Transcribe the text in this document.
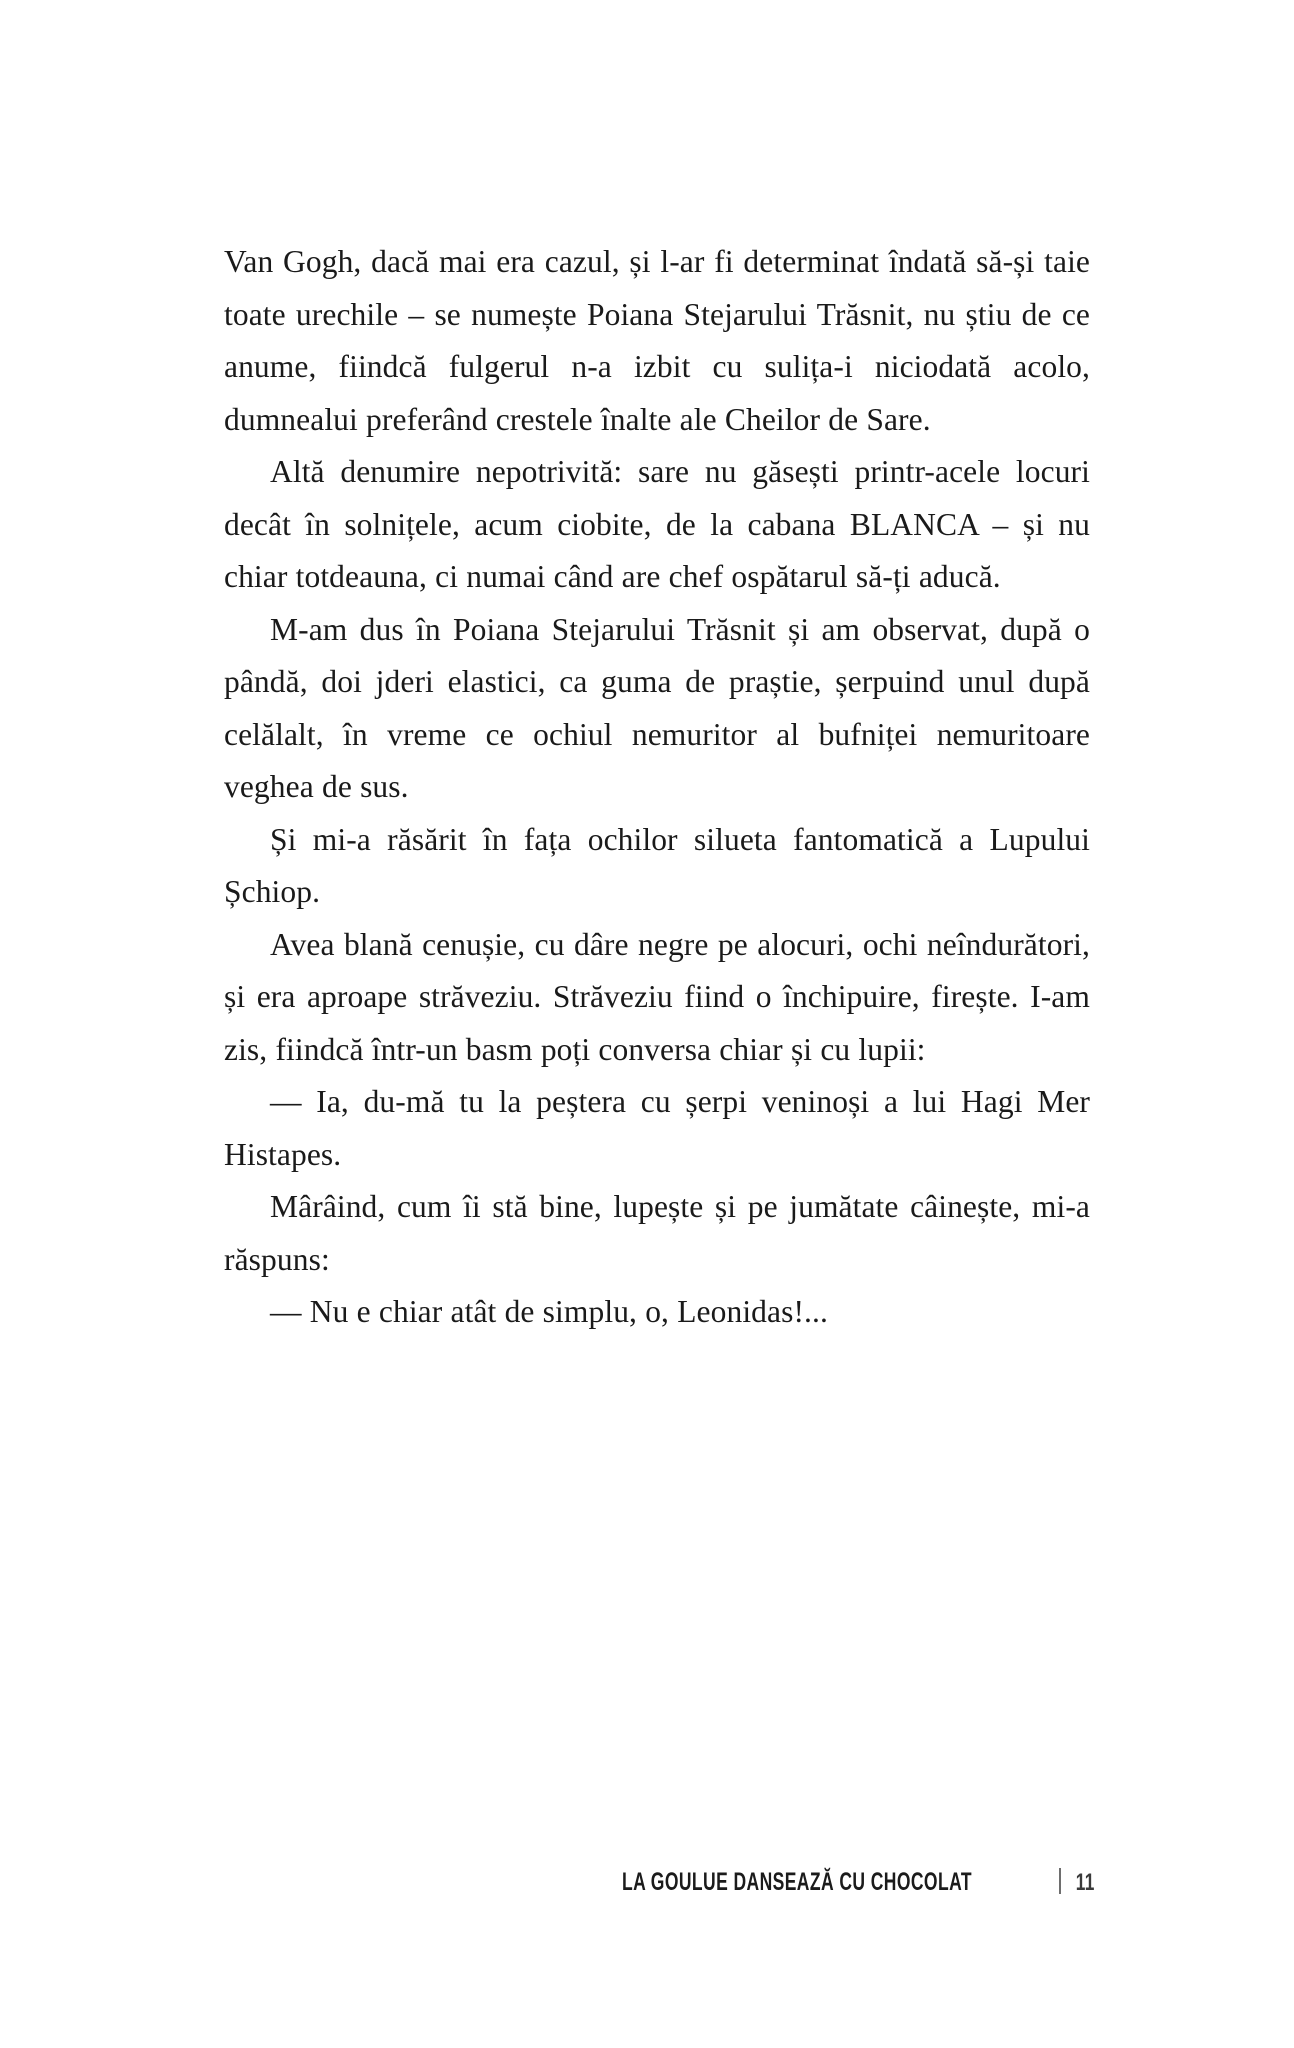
Van Gogh, dacă mai era cazul, și l-ar fi determinat îndată să-și taie toate urechile – se numește Poiana Stejarului Trăsnit, nu știu de ce anume, fiindcă fulgerul n-a izbit cu sulița-i niciodată acolo, dumnealui preferând crestele înalte ale Cheilor de Sare.

Altă denumire nepotrivită: sare nu găsești printr-acele locuri decât în solnițele, acum ciobite, de la cabana BLANCA – și nu chiar totdeauna, ci numai când are chef ospătarul să-ți aducă.

M-am dus în Poiana Stejarului Trăsnit și am observat, după o pândă, doi jderi elastici, ca guma de praștie, șerpuind unul după celălalt, în vreme ce ochiul nemuritor al bufniței nemuritoare veghea de sus.

Și mi-a răsărit în fața ochilor silueta fantomatică a Lupului Șchiop.

Avea blană cenușie, cu dâre negre pe alocuri, ochi neîndurători, și era aproape străveziu. Străveziu fiind o închipuire, firește. I-am zis, fiindcă într-un basm poți conversa chiar și cu lupii:

— Ia, du-mă tu la peștera cu șerpi veninoși a lui Hagi Mer Histapes.

Mârâind, cum îi stă bine, lupește și pe jumătate câinește, mi-a răspuns:

— Nu e chiar atât de simplu, o, Leonidas!...

LA GOULUE DANSEAZĂ CU CHOCOLAT	11
